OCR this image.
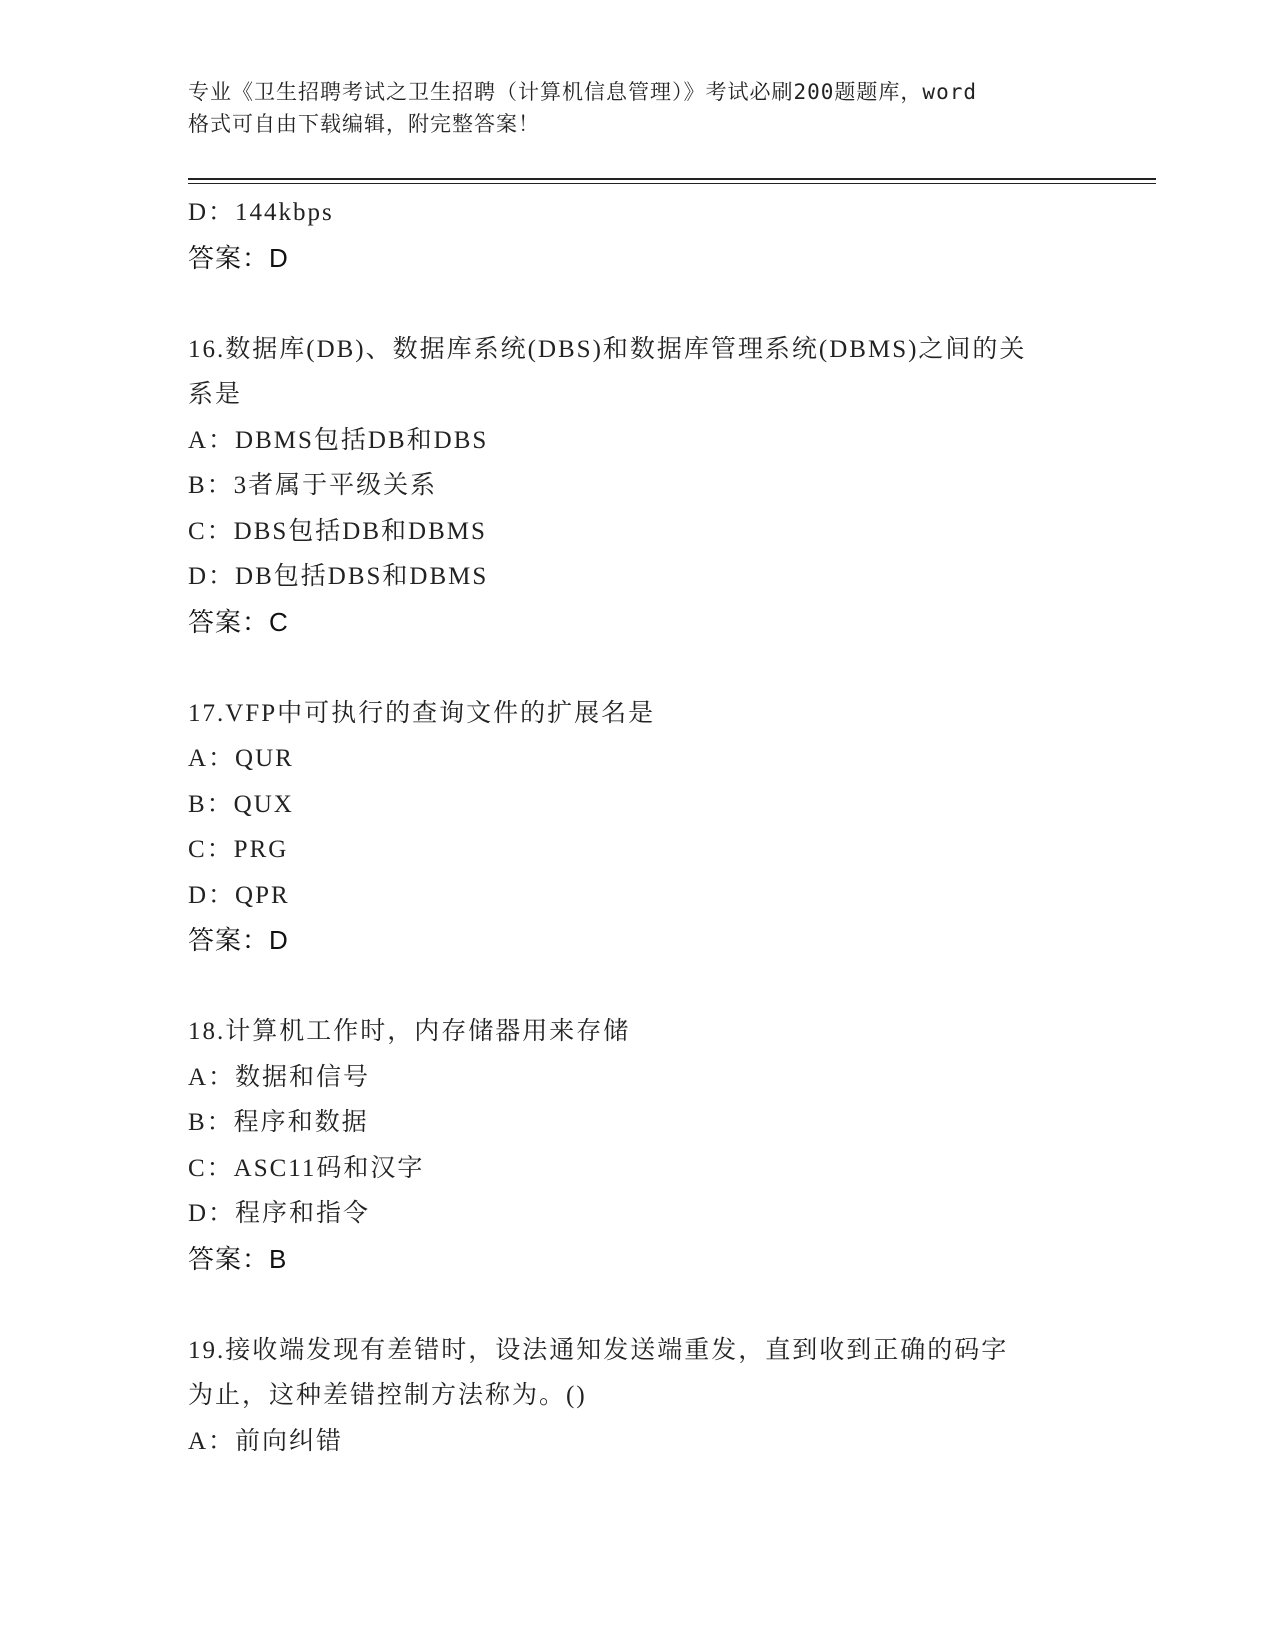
专业《卫生招聘考试之卫生招聘（计算机信息管理）》考试必刷200题题库，word
格式可自由下载编辑，附完整答案！
D：144kbps
答案：D
16.数据库(DB)、数据库系统(DBS)和数据库管理系统(DBMS)之间的关
系是
A：DBMS包括DB和DBS
B：3者属于平级关系
C：DBS包括DB和DBMS
D：DB包括DBS和DBMS
答案：C
17.VFP中可执行的查询文件的扩展名是
A：QUR
B：QUX
C：PRG
D：QPR
答案：D
18.计算机工作时，内存储器用来存储
A：数据和信号
B：程序和数据
C：ASC11码和汉字
D：程序和指令
答案：B
19.接收端发现有差错时，设法通知发送端重发，直到收到正确的码字
为止，这种差错控制方法称为。()
A：前向纠错
